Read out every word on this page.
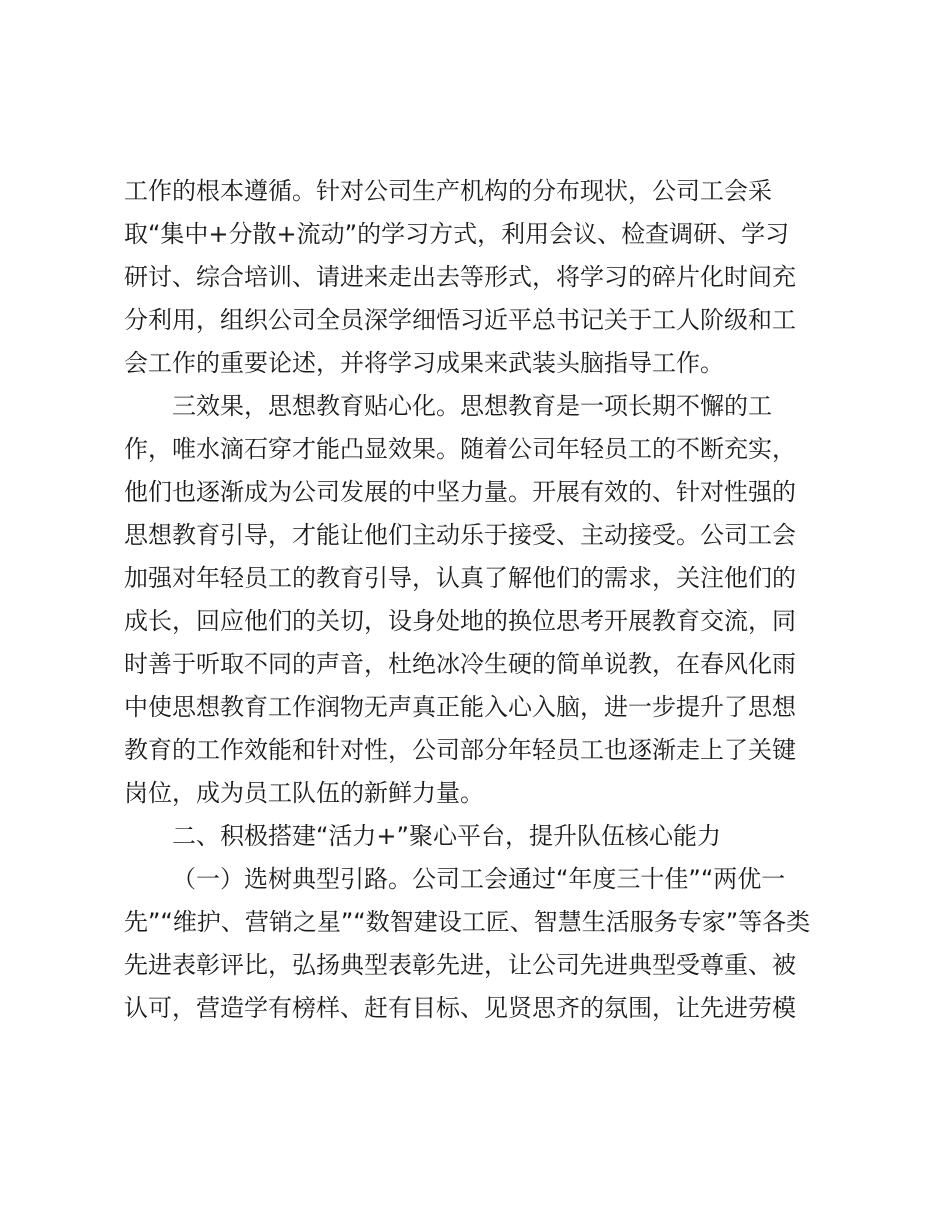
工作的根本遵循。针对公司生产机构的分布现状，公司工会采
取“集中+分散+流动”的学习方式，利用会议、检查调研、学习
研讨、综合培训、请进来走出去等形式，将学习的碎片化时间充
分利用，组织公司全员深学细悟习近平总书记关于工人阶级和工
会工作的重要论述，并将学习成果来武装头脑指导工作。
三效果，思想教育贴心化。思想教育是一项长期不懈的工
作，唯水滴石穿才能凸显效果。随着公司年轻员工的不断充实，
他们也逐渐成为公司发展的中坚力量。开展有效的、针对性强的
思想教育引导，才能让他们主动乐于接受、主动接受。公司工会
加强对年轻员工的教育引导，认真了解他们的需求，关注他们的
成长，回应他们的关切，设身处地的换位思考开展教育交流，同
时善于听取不同的声音，杜绝冰冷生硬的简单说教，在春风化雨
中使思想教育工作润物无声真正能入心入脑，进一步提升了思想
教育的工作效能和针对性，公司部分年轻员工也逐渐走上了关键
岗位，成为员工队伍的新鲜力量。
二、积极搭建“活力+”聚心平台，提升队伍核心能力
（一）选树典型引路。公司工会通过“年度三十佳”“两优一
先”“维护、营销之星”“数智建设工匠、智慧生活服务专家”等各类
先进表彰评比，弘扬典型表彰先进，让公司先进典型受尊重、被
认可，营造学有榜样、赶有目标、见贤思齐的氛围，让先进劳模
